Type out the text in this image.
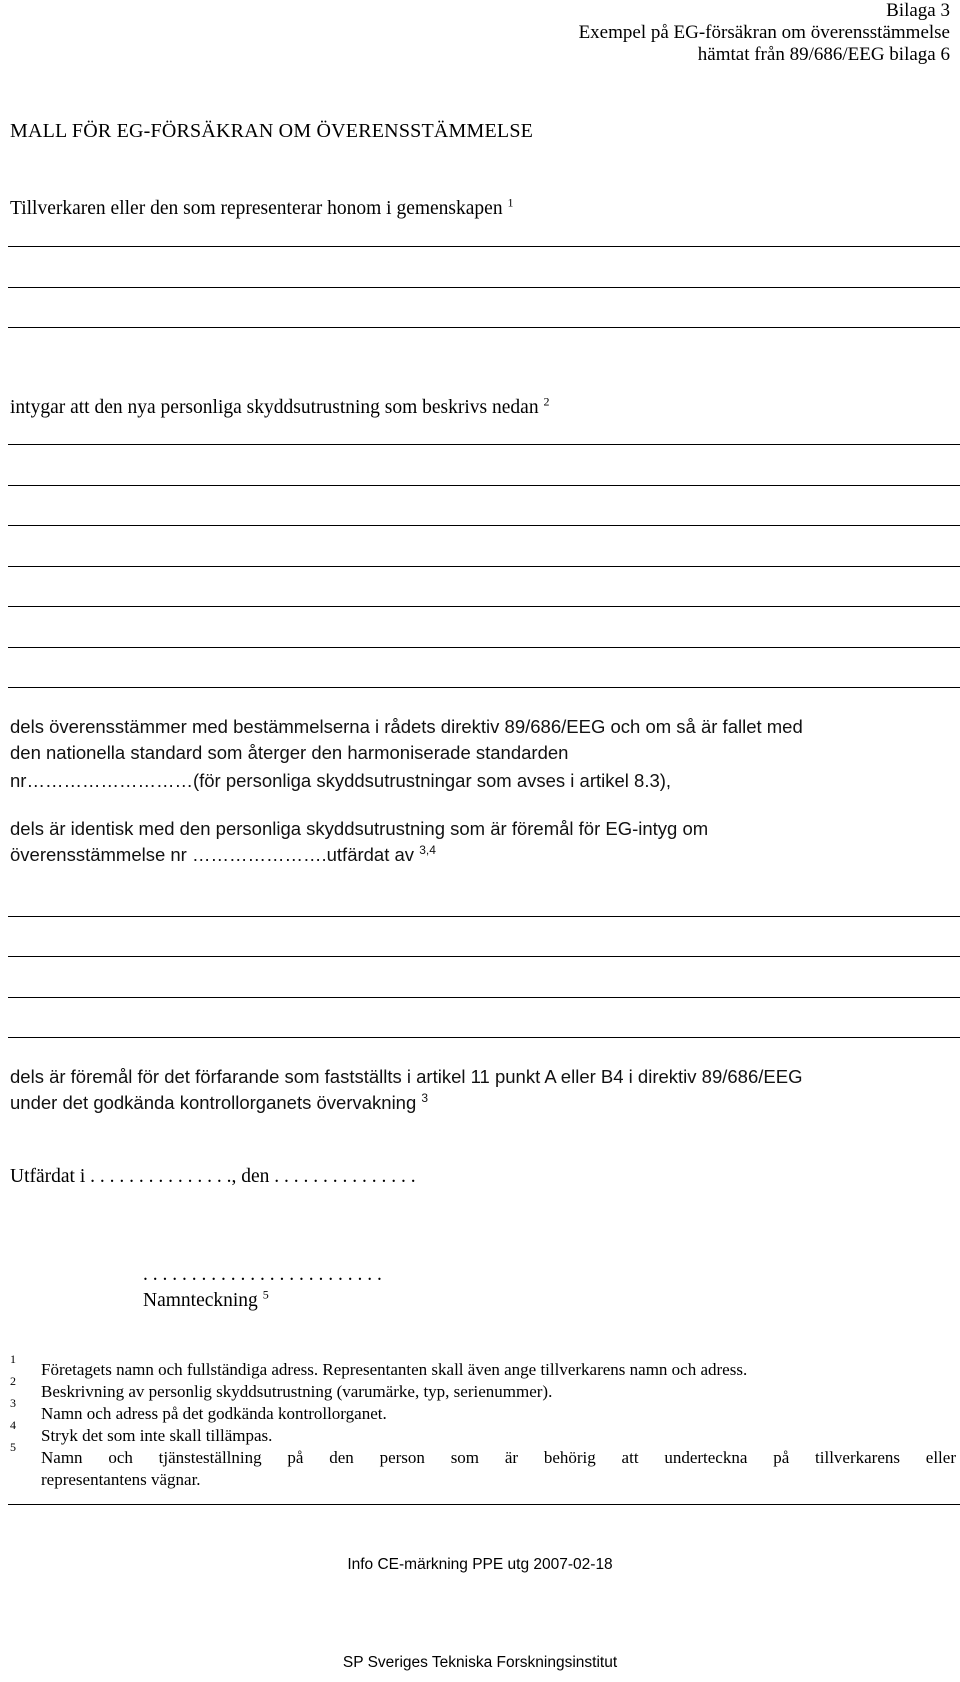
Bilaga 3
Exempel på EG-försäkran om överensstämmelse
hämtat från 89/686/EEG bilaga 6
MALL FÖR EG-FÖRSÄKRAN OM ÖVERENSSTÄMMELSE
Tillverkaren eller den som representerar honom i gemenskapen $^1$
intygar att den nya personliga skyddsutrustning som beskrivs nedan $^2$
dels överensstämmer med bestämmelserna i rådets direktiv 89/686/EEG och om så är fallet med
den nationella standard som återger den harmoniserade standarden
nr………………………(för personliga skyddsutrustningar som avses i artikel 8.3),
dels är identisk med den personliga skyddsutrustning som är föremål för EG-intyg om
överensstämmelse nr ………………….utfärdat av $^{3,4}$
dels är föremål för det förfarande som fastställts i artikel 11 punkt A eller B4 i direktiv 89/686/EEG
under det godkända kontrollorganets övervakning $^3$
Utfärdat i . . . . . . . . . . . . . . ., den . . . . . . . . . . . . . . .
. . . . . . . . . . . . . . . . . . . . . . . . .
Namnteckning $^5$
1
Företagets namn och fullständiga adress. Representanten skall även ange tillverkarens namn och adress.
2
Beskrivning av personlig skyddsutrustning (varumärke, typ, serienummer).
3
Namn och adress på det godkända kontrollorganet.
4
Stryk det som inte skall tillämpas.
5
Namn och tjänsteställning på den person som är behörig att underteckna på tillverkarens eller
representantens vägnar.
Info CE-märkning PPE utg 2007-02-18
SP Sveriges Tekniska Forskningsinstitut
